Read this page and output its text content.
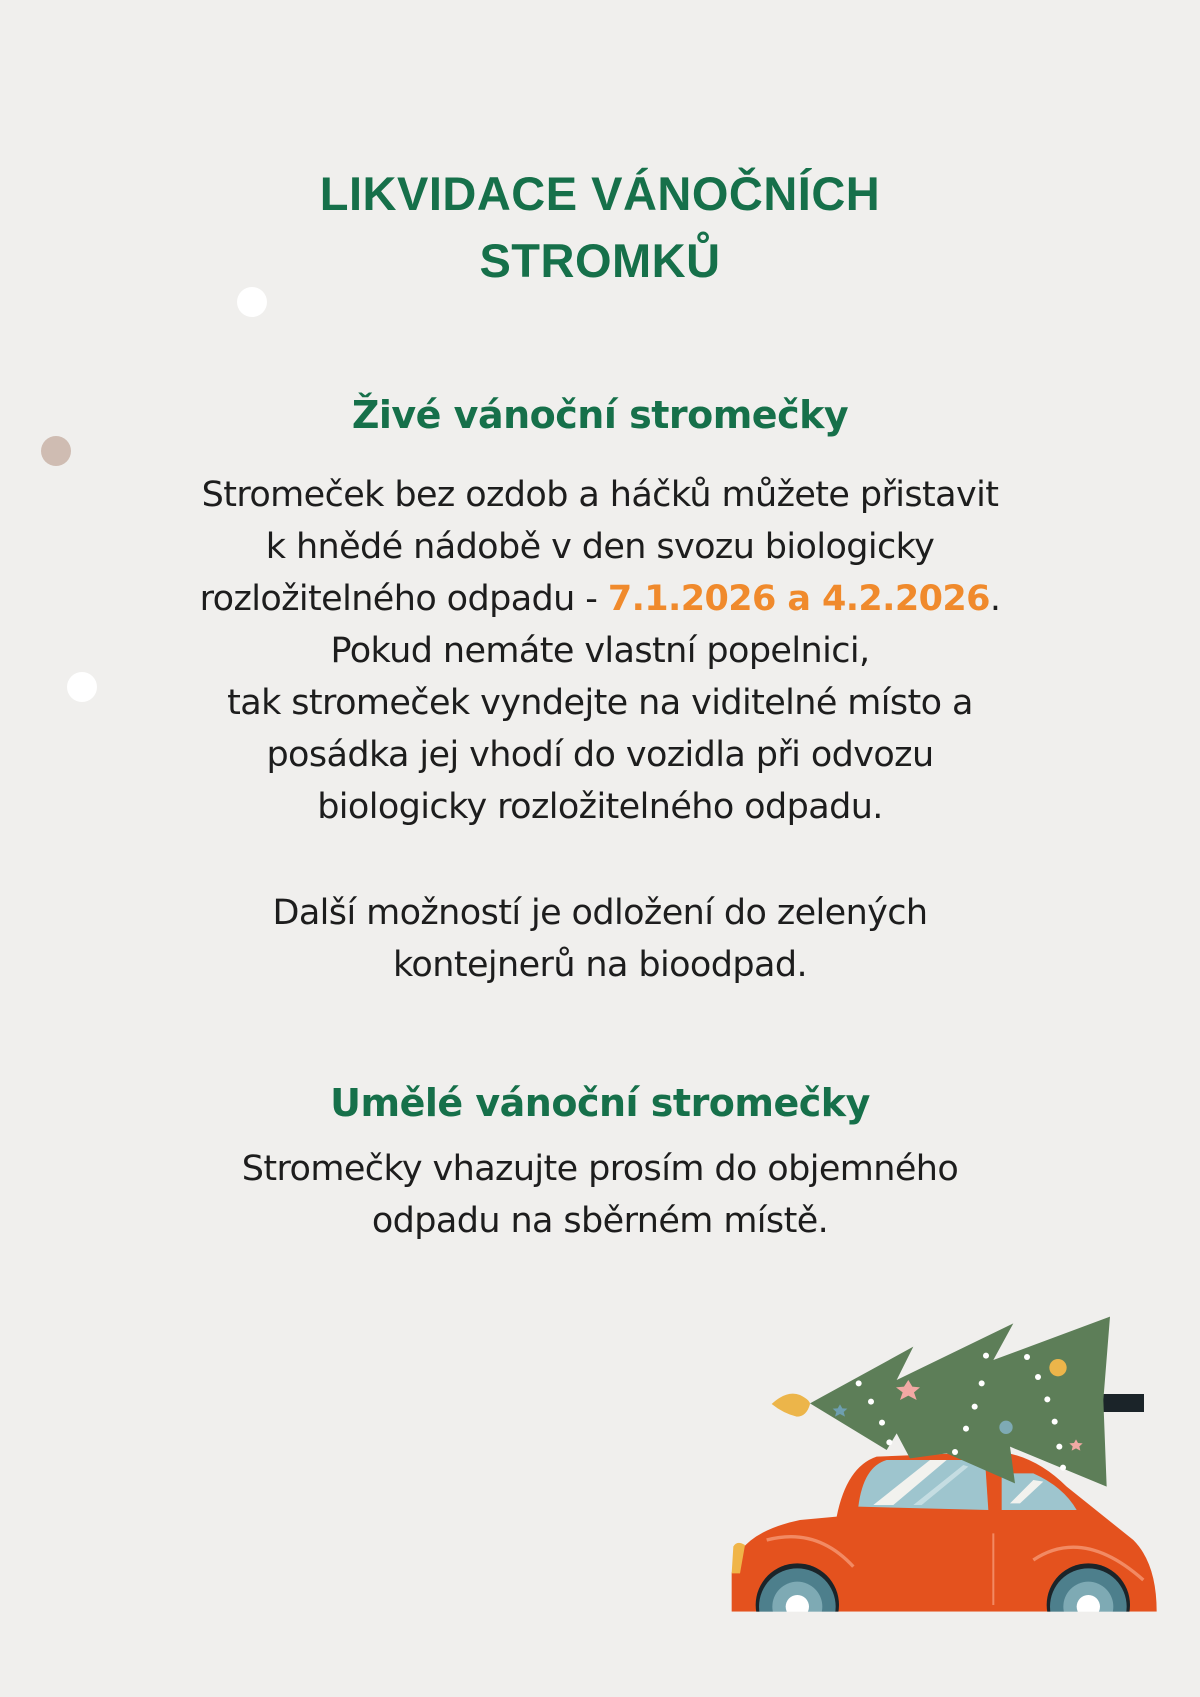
LIKVIDACE VÁNOČNÍCH
STROMKŮ
Živé vánoční stromečky
Stromeček bez ozdob a háčků můžete přistavit
k hnědé nádobě v den svozu biologicky
rozložitelného odpadu - 7.1.2026 a 4.2.2026.
Pokud nemáte vlastní popelnici,
tak stromeček vyndejte na viditelné místo a
posádka jej vhodí do vozidla při odvozu
biologicky rozložitelného odpadu.
Další možností je odložení do zelených
kontejnerů na bioodpad.
Umělé vánoční stromečky
Stromečky vhazujte prosím do objemného
odpadu na sběrném místě.
